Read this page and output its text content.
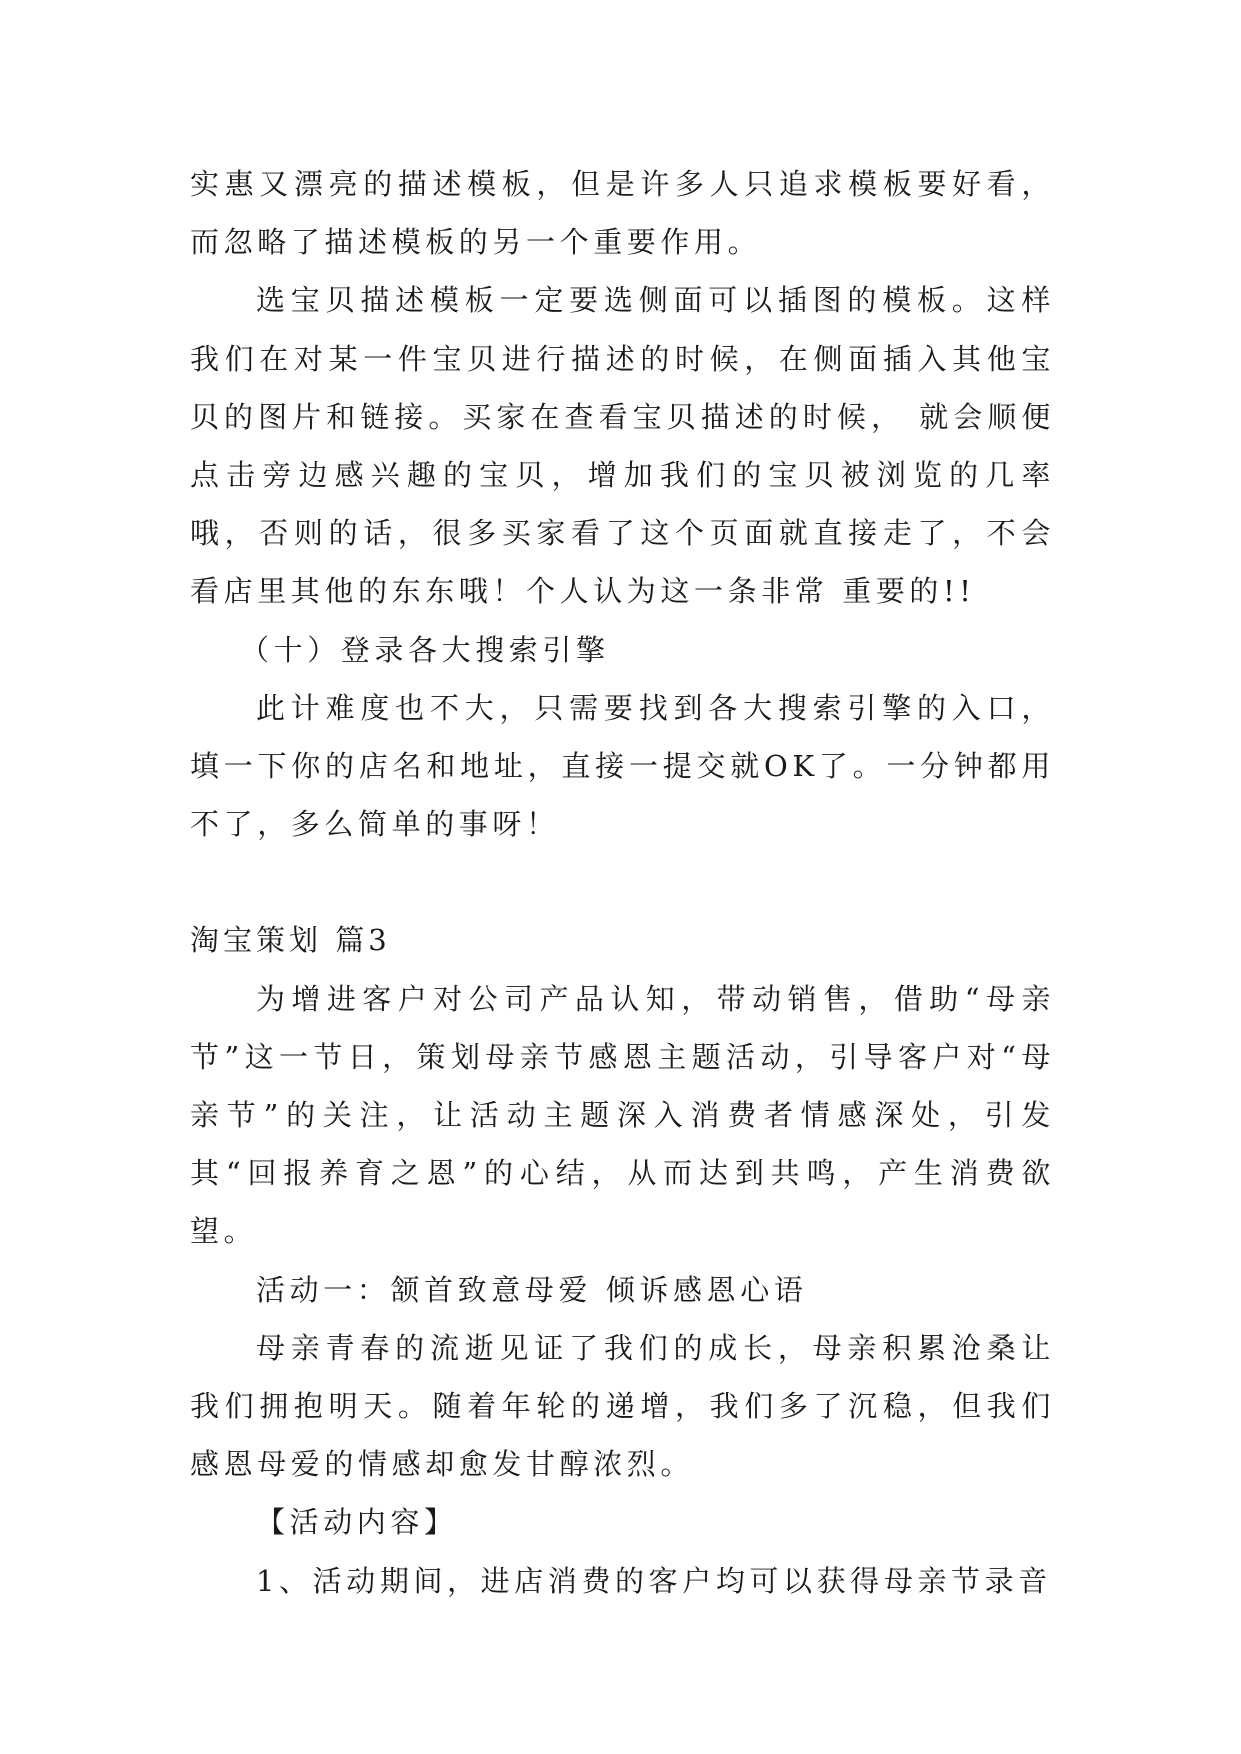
实惠又漂亮的描述模板，但是许多人只追求模板要好看，而忽略了描述模板的另一个重要作用。

选宝贝描述模板一定要选侧面可以插图的模板。这样我们在对某一件宝贝进行描述的时候，在侧面插入其他宝贝的图片和链接。买家在查看宝贝描述的时候， 就会顺便点击旁边感兴趣的宝贝，增加我们的宝贝被浏览的几率哦，否则的话，很多买家看了这个页面就直接走了，不会看店里其他的东东哦！个人认为这一条非常 重要的!!

（十）登录各大搜索引擎

此计难度也不大，只需要找到各大搜索引擎的入口，填一下你的店名和地址，直接一提交就OK了。一分钟都用不了，多么简单的事呀！

淘宝策划 篇3

为增进客户对公司产品认知，带动销售，借助“母亲节”这一节日，策划母亲节感恩主题活动，引导客户对“母亲节”的关注，让活动主题深入消费者情感深处，引发其“回报养育之恩”的心结，从而达到共鸣，产生消费欲望。

活动一：颔首致意母爱 倾诉感恩心语

母亲青春的流逝见证了我们的成长，母亲积累沧桑让我们拥抱明天。随着年轮的递增，我们多了沉稳，但我们感恩母爱的情感却愈发甘醇浓烈。

【活动内容】

1、活动期间，进店消费的客户均可以获得母亲节录音
